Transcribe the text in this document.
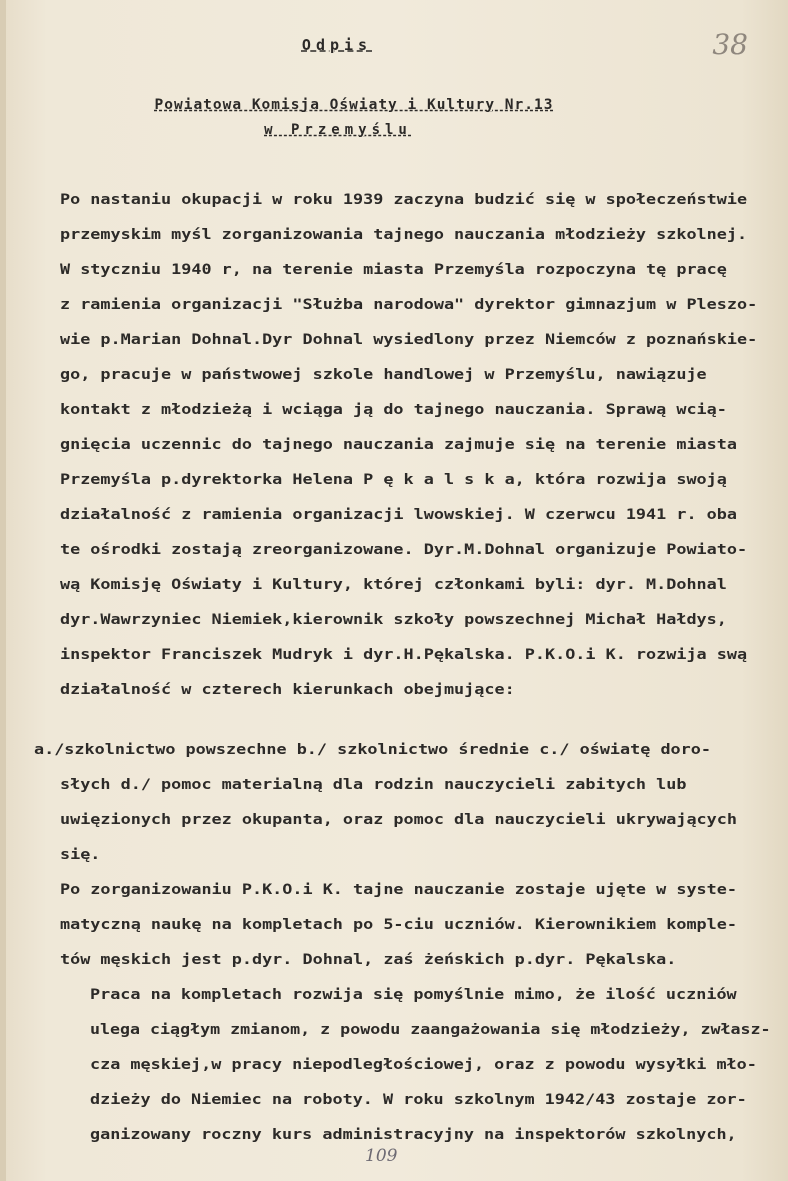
Odpis	38
Powiatowa Komisja Oświaty i Kultury Nr.13
w Przemyślu
Po nastaniu okupacji w roku 1939 zaczyna budzić się w społeczeństwie
przemyskim myśl zorganizowania tajnego nauczania młodzieży szkolnej.
W styczniu 1940 r, na terenie miasta Przemyśla rozpoczyna tę pracę
z ramienia organizacji "Służba narodowa" dyrektor gimnazjum w Pleszo-
wie p.Marian Dohnal.Dyr Dohnal wysiedlony przez Niemców z poznańskie-
go, pracuje w państwowej szkole handlowej w Przemyślu, nawiązuje
kontakt z młodzieżą i wciąga ją do tajnego nauczania. Sprawą wcią-
gnięcia uczennic do tajnego nauczania zajmuje się na terenie miasta
Przemyśla p.dyrektorka Helena P ę k a l s k a, która rozwija swoją
działalność z ramienia organizacji lwowskiej. W czerwcu 1941 r. oba
te ośrodki zostają zreorganizowane. Dyr.M.Dohnal organizuje Powiato-
wą Komisję Oświaty i Kultury, której członkami byli: dyr. M.Dohnal
dyr.Wawrzyniec Niemiek,kierownik szkoły powszechnej Michał Hałdys,
inspektor Franciszek Mudryk i dyr.H.Pękalska. P.K.O.i K. rozwija swą
działalność w czterech kierunkach obejmujące:
a./szkolnictwo powszechne b./ szkolnictwo średnie c./ oświatę doro-
słych d./ pomoc materialną dla rodzin nauczycieli zabitych lub
uwięzionych przez okupanta, oraz pomoc dla nauczycieli ukrywających
się.
Po zorganizowaniu P.K.O.i K. tajne nauczanie zostaje ujęte w syste-
matyczną naukę na kompletach po 5-ciu uczniów. Kierownikiem komple-
tów męskich jest p.dyr. Dohnal, zaś żeńskich p.dyr. Pękalska.
Praca na kompletach rozwija się pomyślnie mimo, że ilość uczniów
ulega ciągłym zmianom, z powodu zaangażowania się młodzieży, zwłasz-
cza męskiej,w pracy niepodległościowej, oraz z powodu wysyłki mło-
dzieży do Niemiec na roboty. W roku szkolnym 1942/43 zostaje zor-
ganizowany roczny kurs administracyjny na inspektorów szkolnych,
109
